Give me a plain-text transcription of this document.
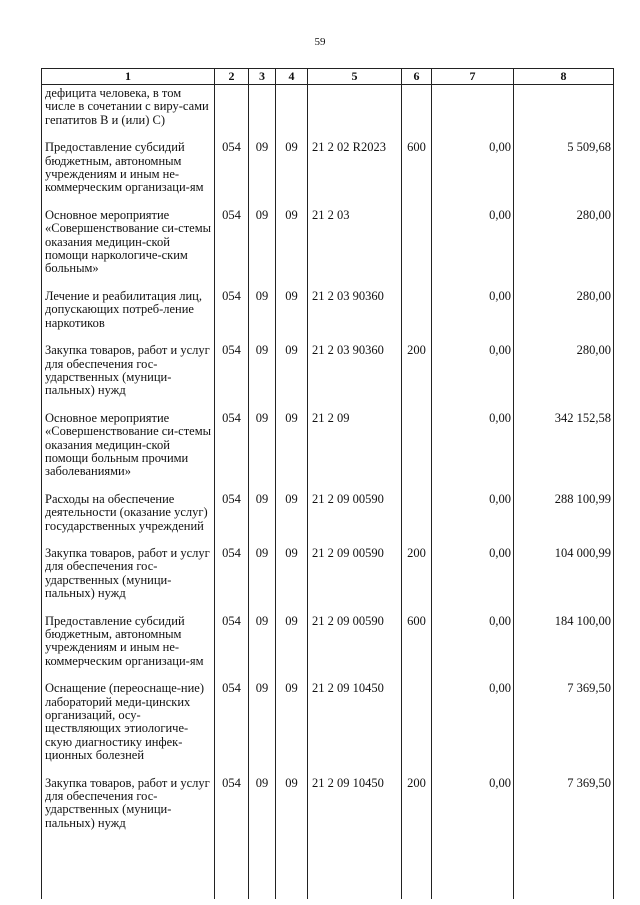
59
1	2	3	4	5	6	7	8
дефицита человека, в том числе в сочетании с виру-сами гепатитов В и (или) С)							
Предоставление субсидий бюджетным, автономным учреждениям и иным не-коммерческим организаци-ям	054	09	09	21 2 02 R2023	600	0,00	5 509,68
Основное мероприятие «Совершенствование си-стемы оказания медицин-ской помощи наркологиче-ским больным»	054	09	09	21 2 03		0,00	280,00
Лечение и реабилитация лиц, допускающих потреб-ление наркотиков	054	09	09	21 2 03 90360		0,00	280,00
Закупка товаров, работ и услуг для обеспечения гос-ударственных (муници-пальных) нужд	054	09	09	21 2 03 90360	200	0,00	280,00
Основное мероприятие «Совершенствование си-стемы оказания медицин-ской помощи больным прочими заболеваниями»	054	09	09	21 2 09		0,00	342 152,58
Расходы на обеспечение деятельности (оказание услуг) государственных учреждений	054	09	09	21 2 09 00590		0,00	288 100,99
Закупка товаров, работ и услуг для обеспечения гос-ударственных (муници-пальных) нужд	054	09	09	21 2 09 00590	200	0,00	104 000,99
Предоставление субсидий бюджетным, автономным учреждениям и иным не-коммерческим организаци-ям	054	09	09	21 2 09 00590	600	0,00	184 100,00
Оснащение (переоснаще-ние) лабораторий меди-цинских организаций, осу-ществляющих этиологиче-скую диагностику инфек-ционных болезней	054	09	09	21 2 09 10450		0,00	7 369,50
Закупка товаров, работ и услуг для обеспечения гос-ударственных (муници-пальных) нужд	054	09	09	21 2 09 10450	200	0,00	7 369,50
